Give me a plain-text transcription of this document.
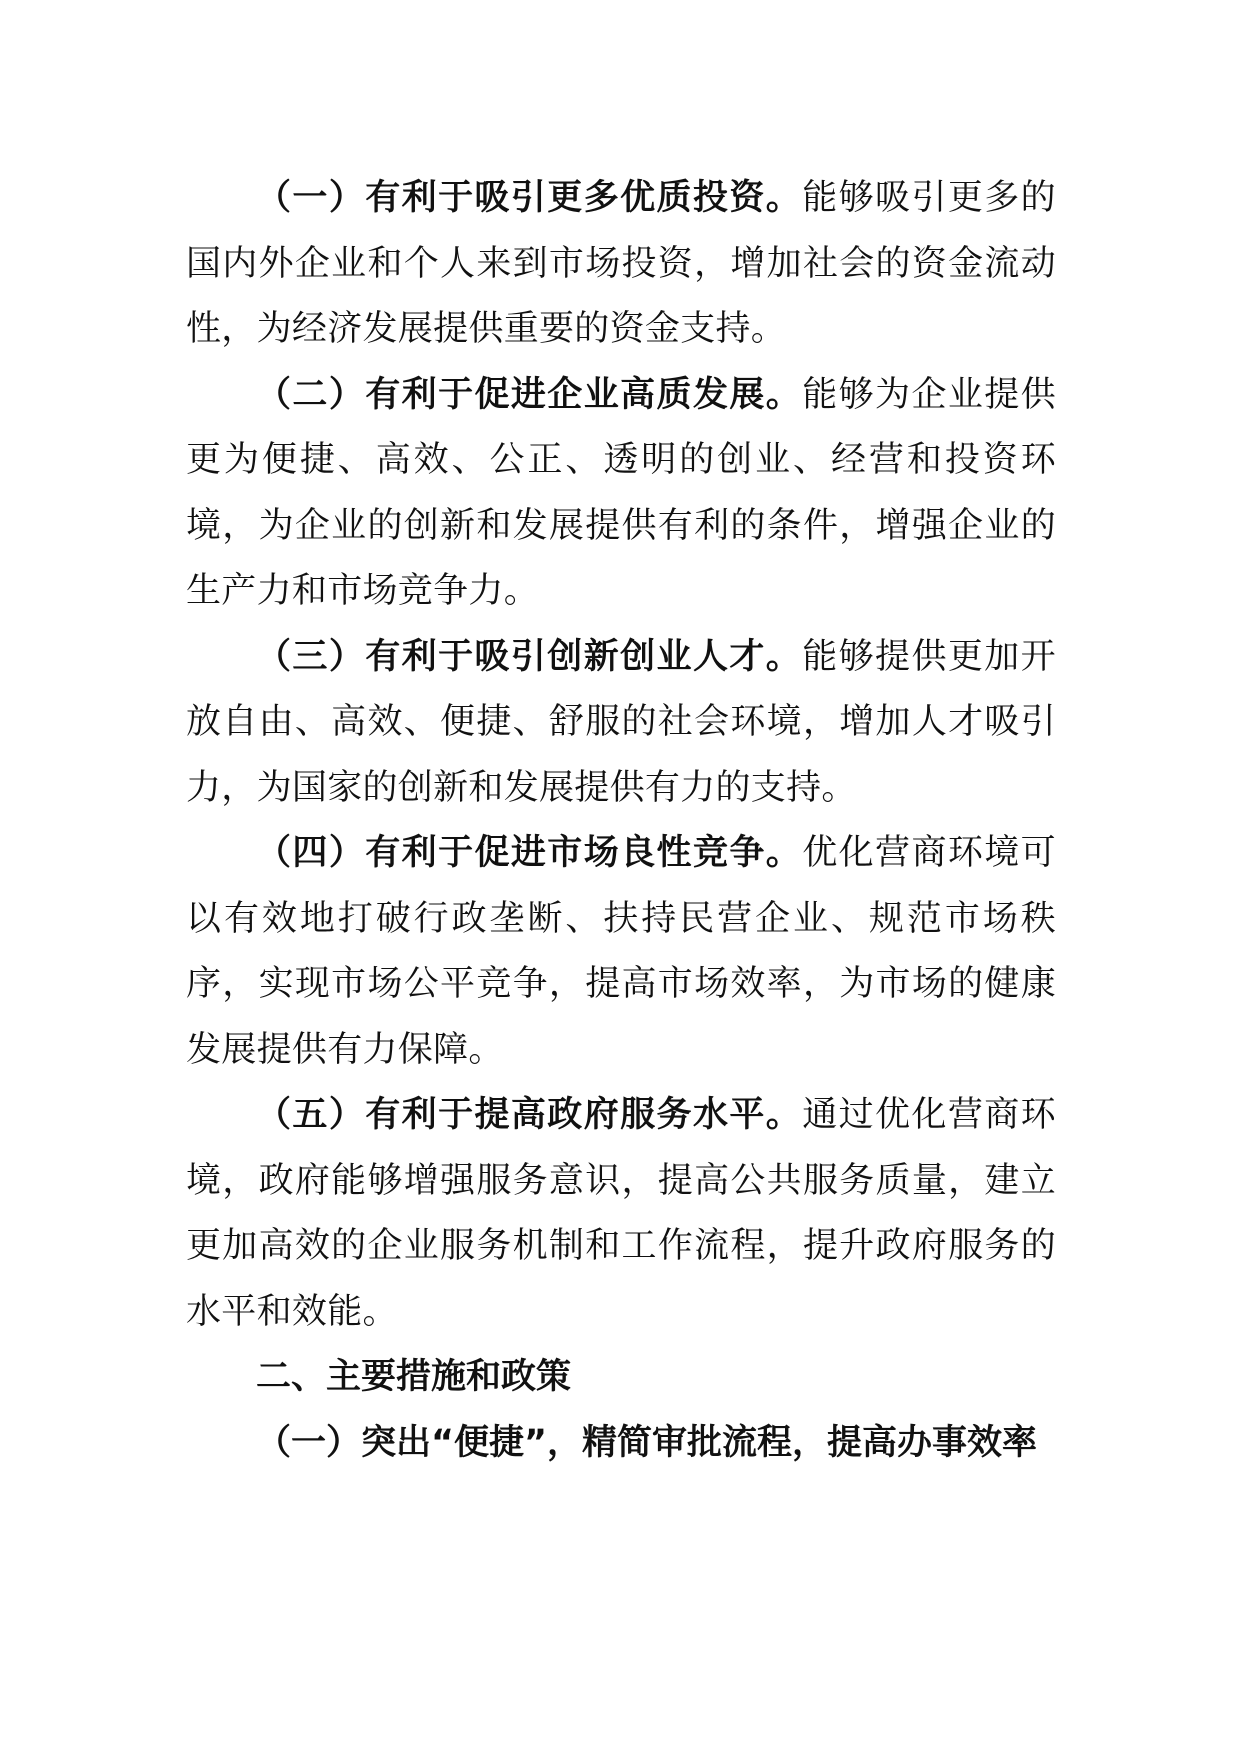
（一）有利于吸引更多优质投资。能够吸引更多的国内外企业和个人来到市场投资，增加社会的资金流动性，为经济发展提供重要的资金支持。

（二）有利于促进企业高质发展。能够为企业提供更为便捷、高效、公正、透明的创业、经营和投资环境，为企业的创新和发展提供有利的条件，增强企业的生产力和市场竞争力。

（三）有利于吸引创新创业人才。能够提供更加开放自由、高效、便捷、舒服的社会环境，增加人才吸引力，为国家的创新和发展提供有力的支持。

（四）有利于促进市场良性竞争。优化营商环境可以有效地打破行政垄断、扶持民营企业、规范市场秩序，实现市场公平竞争，提高市场效率，为市场的健康发展提供有力保障。

（五）有利于提高政府服务水平。通过优化营商环境，政府能够增强服务意识，提高公共服务质量，建立更加高效的企业服务机制和工作流程，提升政府服务的水平和效能。

二、主要措施和政策

（一）突出“便捷”，精简审批流程，提高办事效率
